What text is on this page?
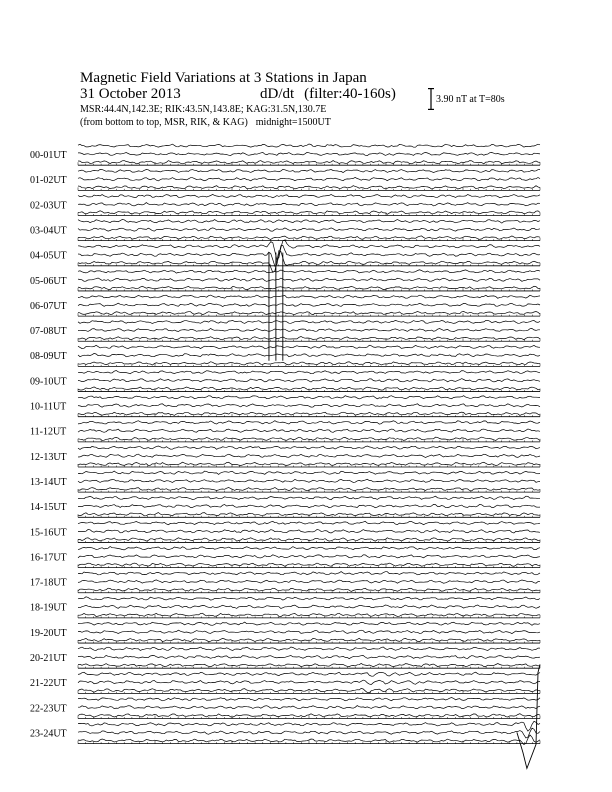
Magnetic Field Variations at 3 Stations in Japan
31 October 2013	dD/dt (filter:40-160s)
MSR:44.4N,142.3E; RIK:43.5N,143.8E; KAG:31.5N,130.7E
(from bottom to top, MSR, RIK, & KAG) midnight=1500UT
3.90 nT at T=80s
00-01UT
01-02UT
02-03UT
03-04UT
04-05UT
05-06UT
06-07UT
07-08UT
08-09UT
09-10UT
10-11UT
11-12UT
12-13UT
13-14UT
14-15UT
15-16UT
16-17UT
17-18UT
18-19UT
19-20UT
20-21UT
21-22UT
22-23UT
23-24UT
